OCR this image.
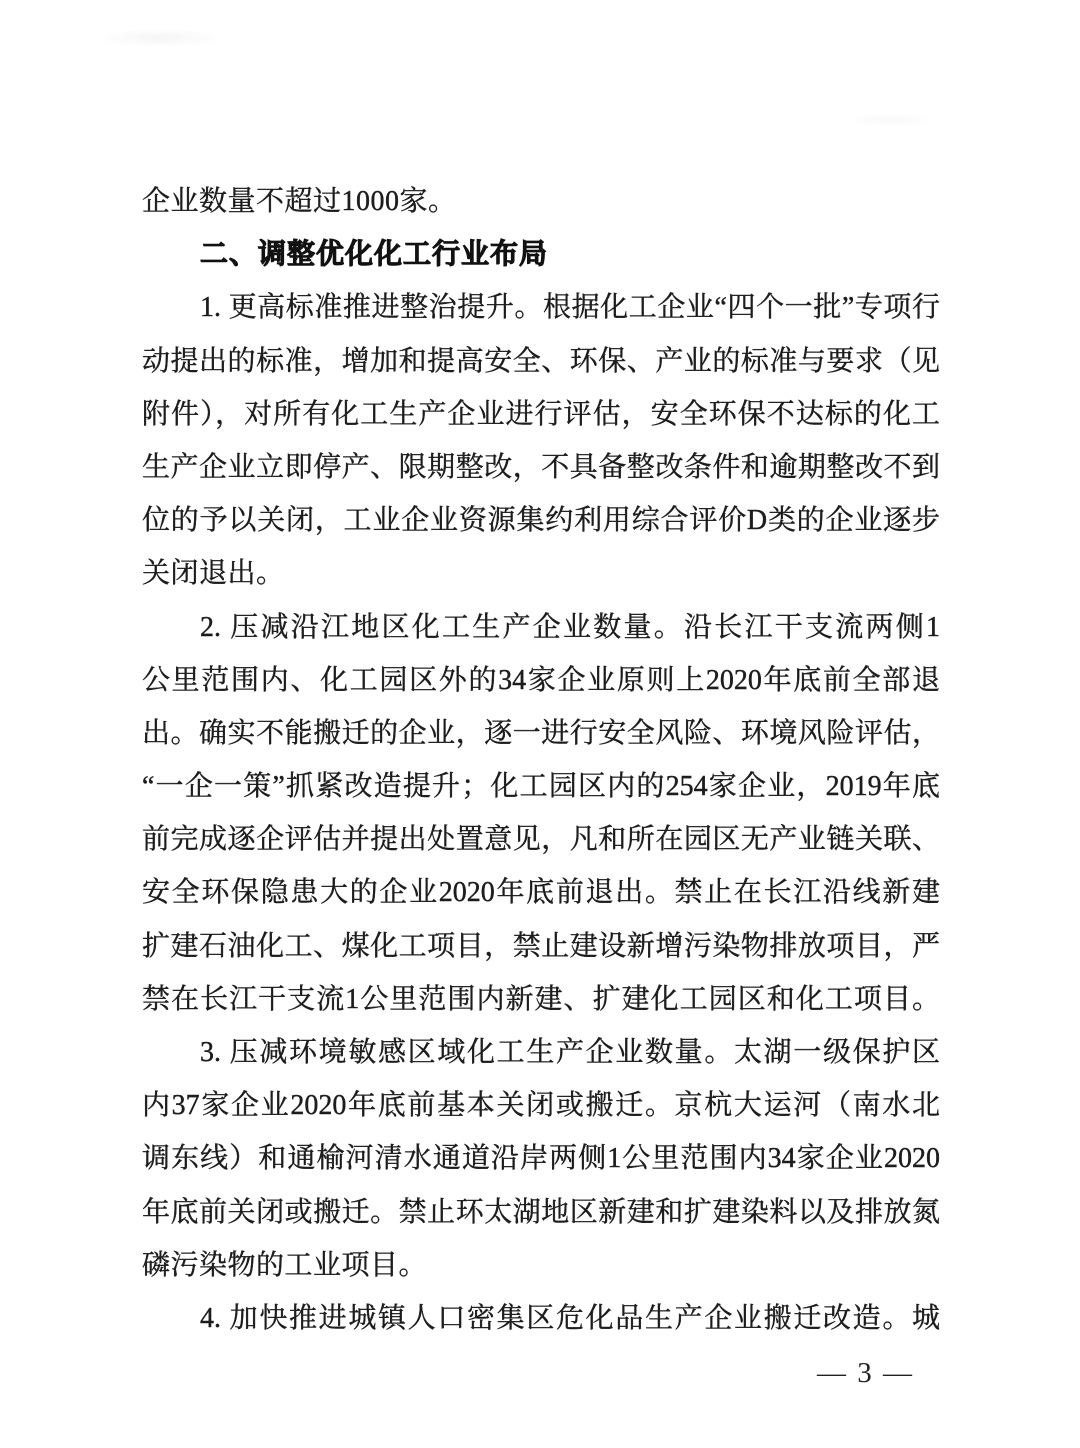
企业数量不超过1000家。
二、调整优化化工行业布局
1. 更高标准推进整治提升。根据化工企业“四个一批”专项行
动提出的标准，增加和提高安全、环保、产业的标准与要求（见
附件），对所有化工生产企业进行评估，安全环保不达标的化工
生产企业立即停产、限期整改，不具备整改条件和逾期整改不到
位的予以关闭，工业企业资源集约利用综合评价D类的企业逐步
关闭退出。
2. 压减沿江地区化工生产企业数量。沿长江干支流两侧1
公里范围内、化工园区外的34家企业原则上2020年底前全部退
出。确实不能搬迁的企业，逐一进行安全风险、环境风险评估，
“一企一策”抓紧改造提升；化工园区内的254家企业，2019年底
前完成逐企评估并提出处置意见，凡和所在园区无产业链关联、
安全环保隐患大的企业2020年底前退出。禁止在长江沿线新建
扩建石油化工、煤化工项目，禁止建设新增污染物排放项目，严
禁在长江干支流1公里范围内新建、扩建化工园区和化工项目。
3. 压减环境敏感区域化工生产企业数量。太湖一级保护区
内37家企业2020年底前基本关闭或搬迁。京杭大运河（南水北
调东线）和通榆河清水通道沿岸两侧1公里范围内34家企业2020
年底前关闭或搬迁。禁止环太湖地区新建和扩建染料以及排放氮
磷污染物的工业项目。
4. 加快推进城镇人口密集区危化品生产企业搬迁改造。城
— 3 —
